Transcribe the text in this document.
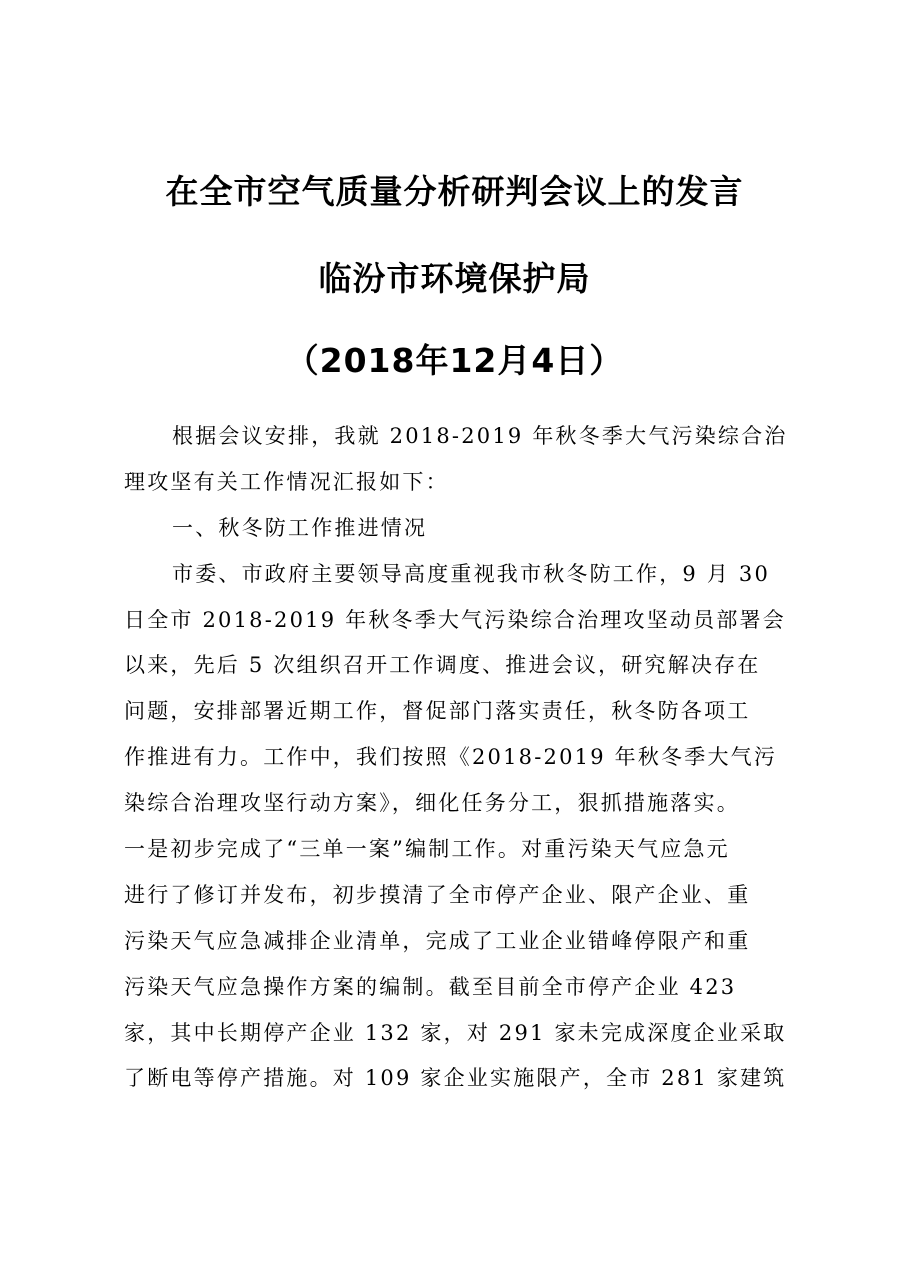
在全市空气质量分析研判会议上的发言
临汾市环境保护局
（2018年12月4日）
根据会议安排，我就 2018-2019 年秋冬季大气污染综合治
理攻坚有关工作情况汇报如下：
一、秋冬防工作推进情况
市委、市政府主要领导高度重视我市秋冬防工作，9 月 30
日全市 2018-2019 年秋冬季大气污染综合治理攻坚动员部署会
以来，先后 5 次组织召开工作调度、推进会议，研究解决存在
问题，安排部署近期工作，督促部门落实责任，秋冬防各项工
作推进有力。工作中，我们按照《2018-2019 年秋冬季大气污
染综合治理攻坚行动方案》，细化任务分工，狠抓措施落实。
一是初步完成了“三单一案”编制工作。对重污染天气应急元
进行了修订并发布，初步摸清了全市停产企业、限产企业、重
污染天气应急减排企业清单，完成了工业企业错峰停限产和重
污染天气应急操作方案的编制。截至目前全市停产企业 423
家，其中长期停产企业 132 家，对 291 家未完成深度企业采取
了断电等停产措施。对 109 家企业实施限产，全市 281 家建筑
